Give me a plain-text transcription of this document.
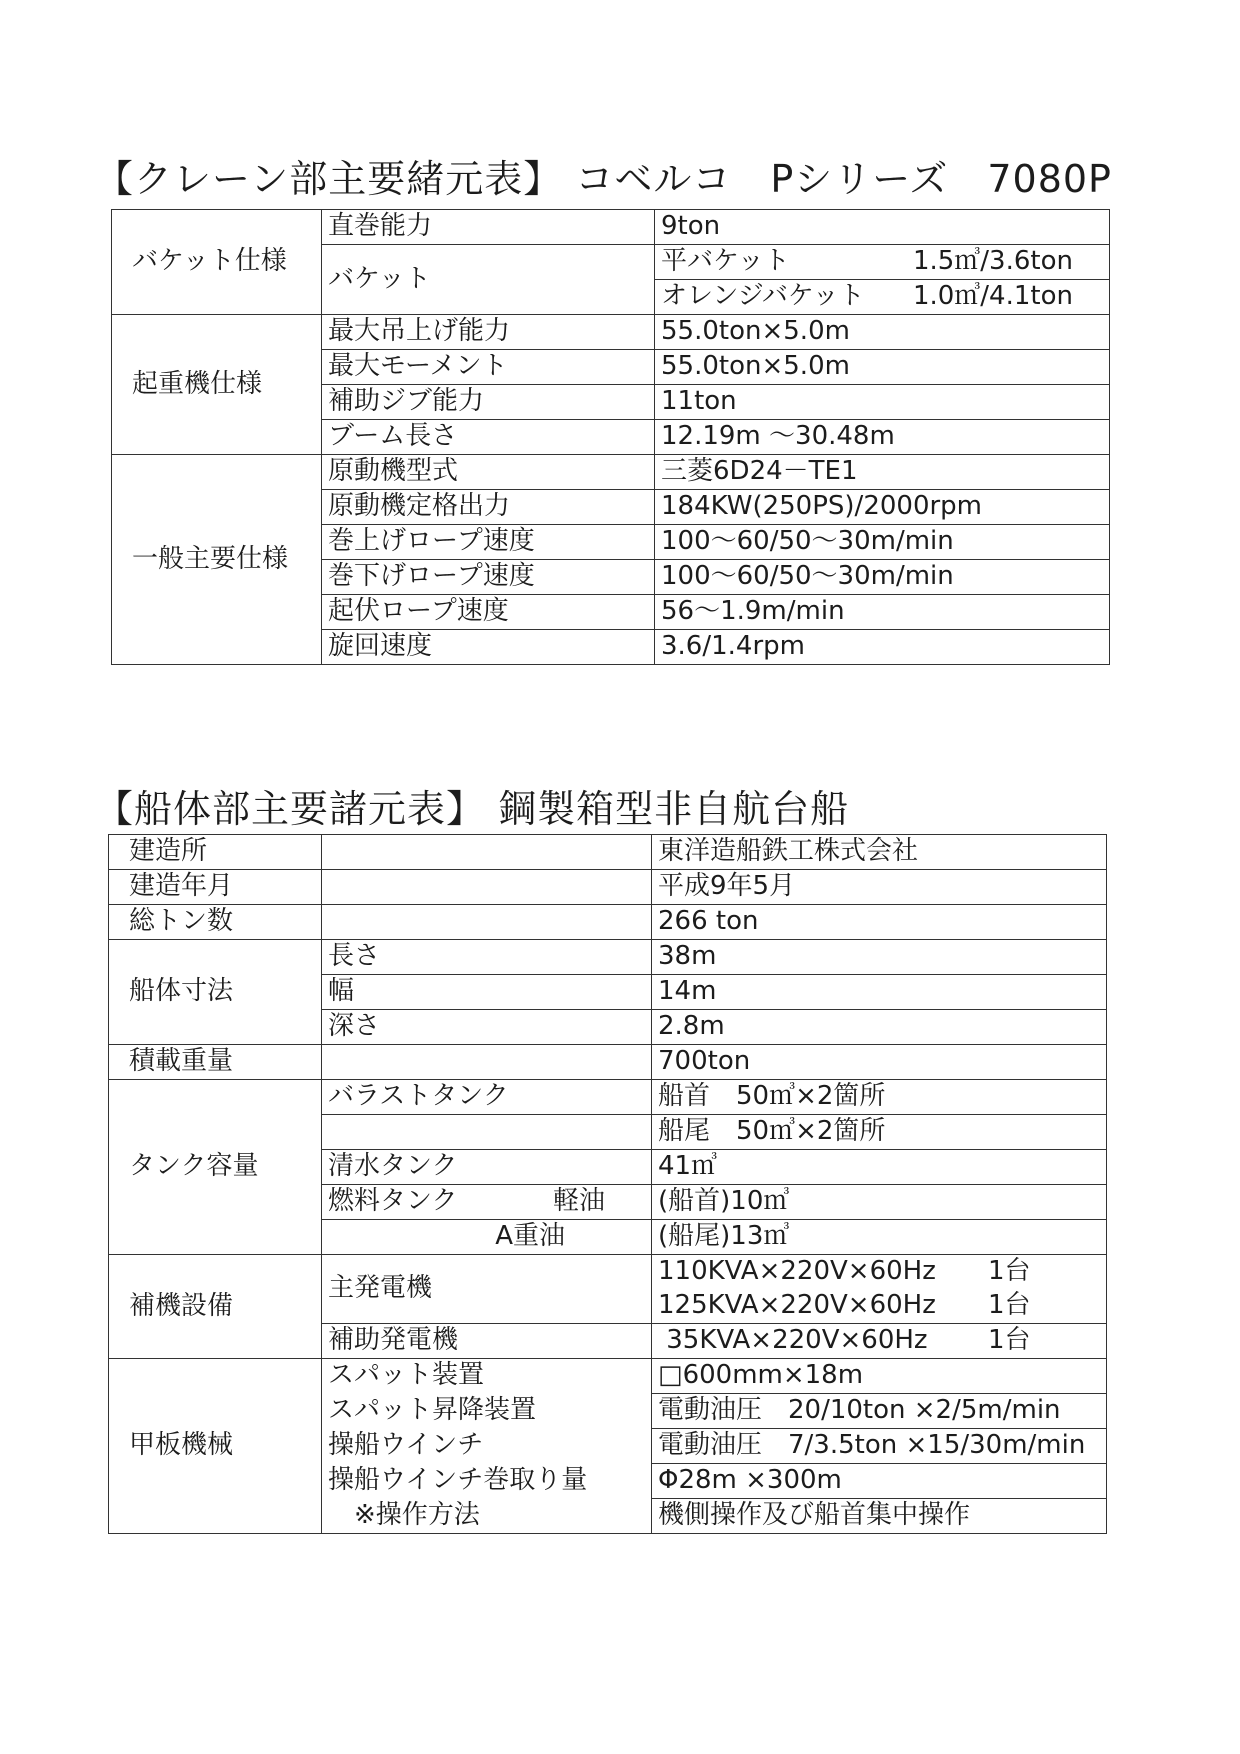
【クレーン部主要緒元表】 コベルコ　Pシリーズ　7080P
バケット仕様	直巻能力	9ton
	バケット	平バケット 1.5㎥/3.6ton

		オレンジバケット 1.0㎥/4.1ton

起重機仕様	最大吊上げ能力	55.0ton×5.0m
	最大モーメント	55.0ton×5.0m
	補助ジブ能力	11ton
	ブーム長さ	12.19m ～30.48m
一般主要仕様	原動機型式	三菱6D24－TE1
	原動機定格出力	184KW(250PS)/2000rpm
	巻上げロープ速度	100～60/50～30m/min
	巻下げロープ速度	100～60/50～30m/min
	起伏ロープ速度	56～1.9m/min
	旋回速度	3.6/1.4rpm
【船体部主要諸元表】 鋼製箱型非自航台船
建造所		東洋造船鉄工株式会社
建造年月		平成9年5月
総トン数		266 ton
船体寸法	長さ	38m
	幅	14m
	深さ	2.8m
積載重量		700ton
タンク容量	バラストタンク	船首　50㎥×2箇所
		船尾　50㎥×2箇所
	清水タンク	41㎥

	燃料タンク 軽油	(船首)10㎥

	A重油	(船尾)13㎥
補機設備	主発電機	110KVA×220V×60Hz 1台

		125KVA×220V×60Hz 1台

	補助発電機	35KVA×220V×60Hz 1台

甲板機械	スパット装置	□600mm×18m
	スパット昇降装置	電動油圧　20/10ton ×2/5m/min
	操船ウインチ	電動油圧　7/3.5ton ×15/30m/min
	操船ウインチ巻取り量	Φ28m ×300m
	　※操作方法	機側操作及び船首集中操作
